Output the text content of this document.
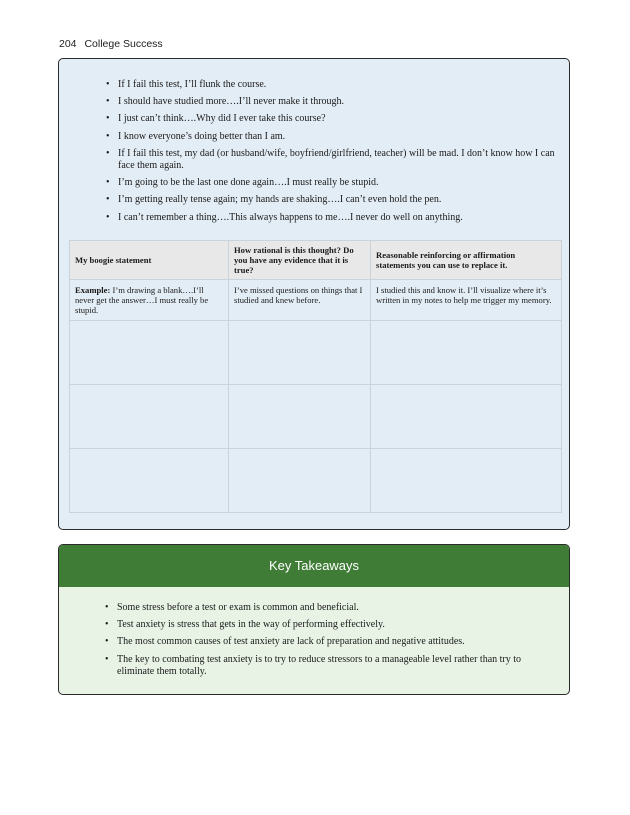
204 College Success
• If I fail this test, I’ll flunk the course.
• I should have studied more….I’ll never make it through.
• I just can’t think….Why did I ever take this course?
• I know everyone’s doing better than I am.
• If I fail this test, my dad (or husband/wife, boyfriend/girlfriend, teacher) will be mad. I don’t know how I can face them again.
• I’m going to be the last one done again….I must really be stupid.
• I’m getting really tense again; my hands are shaking….I can’t even hold the pen.
• I can’t remember a thing….This always happens to me….I never do well on anything.
My boogie statement	How rational is this thought? Do you have any evidence that it is true?	Reasonable reinforcing or affirmation statements you can use to replace it.
Example: I’m drawing a blank….I’ll never get the answer…I must really be stupid.	I’ve missed questions on things that I studied and knew before.	I studied this and know it. I’ll visualize where it’s written in my notes to help me trigger my memory.

Key Takeaways
• Some stress before a test or exam is common and beneficial.
• Test anxiety is stress that gets in the way of performing effectively.
• The most common causes of test anxiety are lack of preparation and negative attitudes.
• The key to combating test anxiety is to try to reduce stressors to a manageable level rather than try to eliminate them totally.
